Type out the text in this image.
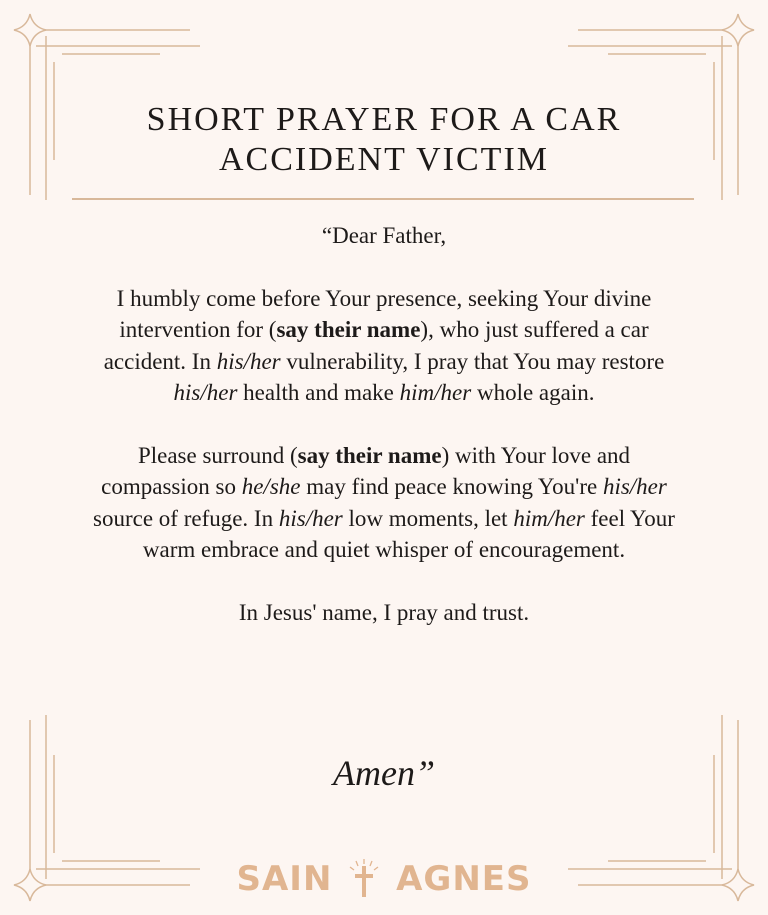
SHORT PRAYER FOR A CAR ACCIDENT VICTIM

“Dear Father,

I humbly come before Your presence, seeking Your divine intervention for (say their name), who just suffered a car accident. In his/her vulnerability, I pray that You may restore his/her health and make him/her whole again.

Please surround (say their name) with Your love and compassion so he/she may find peace knowing You're his/her source of refuge. In his/her low moments, let him/her feel Your warm embrace and quiet whisper of encouragement.

In Jesus' name, I pray and trust.

Amen”
SAIN AGNES
